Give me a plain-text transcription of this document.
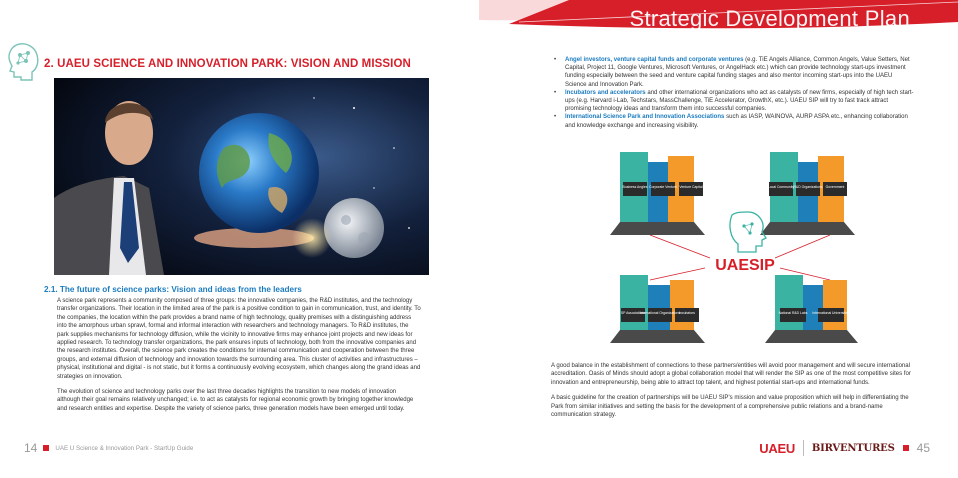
Strategic Development Plan
2. UAEU SCIENCE AND INNOVATION PARK: VISION AND MISSION
2.1. The future of science parks: Vision and ideas from the leaders

A science park represents a community composed of three groups: the innovative companies, the R&D institutes, and the technology transfer organizations. Their location in the limited area of the park is a positive condition to gain in communication, trust, and identity. To the companies, the location within the park provides a brand name of high technology, quality premises with a distinguishing address into the amorphous urban sprawl, formal and informal interaction with researchers and technology managers. To R&D institutes, the park supplies mechanisms for technology diffusion, while the vicinity to innovative firms may enhance joint projects and new ideas for applied research. To technology transfer organizations, the park ensures inputs of technology, both from the innovative companies and the research institutes. Overall, the science park creates the conditions for internal communication and cooperation between the three groups, and external diffusion of technology and innovation towards the surrounding area. This cluster of activities and infrastructures –physical, institutional and digital - is not static, but it forms a continuously evolving ecosystem, which changes along the grand ideas and strategies on innovation.

The evolution of science and technology parks over the last three decades highlights the transition to new models of innovation although their goal remains relatively unchanged; i.e. to act as catalysts for regional economic growth by bringing together knowledge and research entities and expertise. Despite the variety of science parks, three generation models have been emerged until today.

14	UAE U Science & Innovation Park - StartUp Guide
• Angel investors, venture capital funds and corporate ventures (e.g. TiE Angels Alliance, Common Angels, Value Setters, Net Capital, Project 11, Google Ventures, Microsoft Ventures, or AngelHack etc.) which can provide technology start-ups investment funding especially between the seed and venture capital funding stages and also mentor incoming start-ups into the UAEU Science and Innovation Park.
• Incubators and accelerators and other international organizations who act as catalysts of new firms, especially of high tech start-ups (e.g. Harvard i-Lab, Techstars, MassChallenge, TiE Accelerator, GrowthX, etc.). UAEU SIP will try to fast track attract promising technology ideas and transform them into successful companies.
• International Science Park and Innovation Associations such as IASP, WAINOVA, AURP ASPA etc., enhancing collaboration and knowledge exchange and increasing visibility.
Business Angles Corporate Venture Venture Capital	Local Community R&D Organizations Government
UAESIP
SP Associations
International Organizations
Incubators	National R&D Labs International Universities

A good balance in the establishment of connections to these partners/entities will avoid poor management and will secure international accreditation. Oasis of Minds should adopt a global collaboration model that will render the SIP as one of the most competitive sites for innovation and entrepreneurship, being able to attract top talent, and highest potential start-ups and international funds.

A basic guideline for the creation of partnerships will be UAEU SIP's mission and value proposition which will help in differentiating the Park from similar initiatives and setting the basis for the development of a comprehensive public relations and a brand-name communication strategy.

UAEU BIRVENTURES 45
